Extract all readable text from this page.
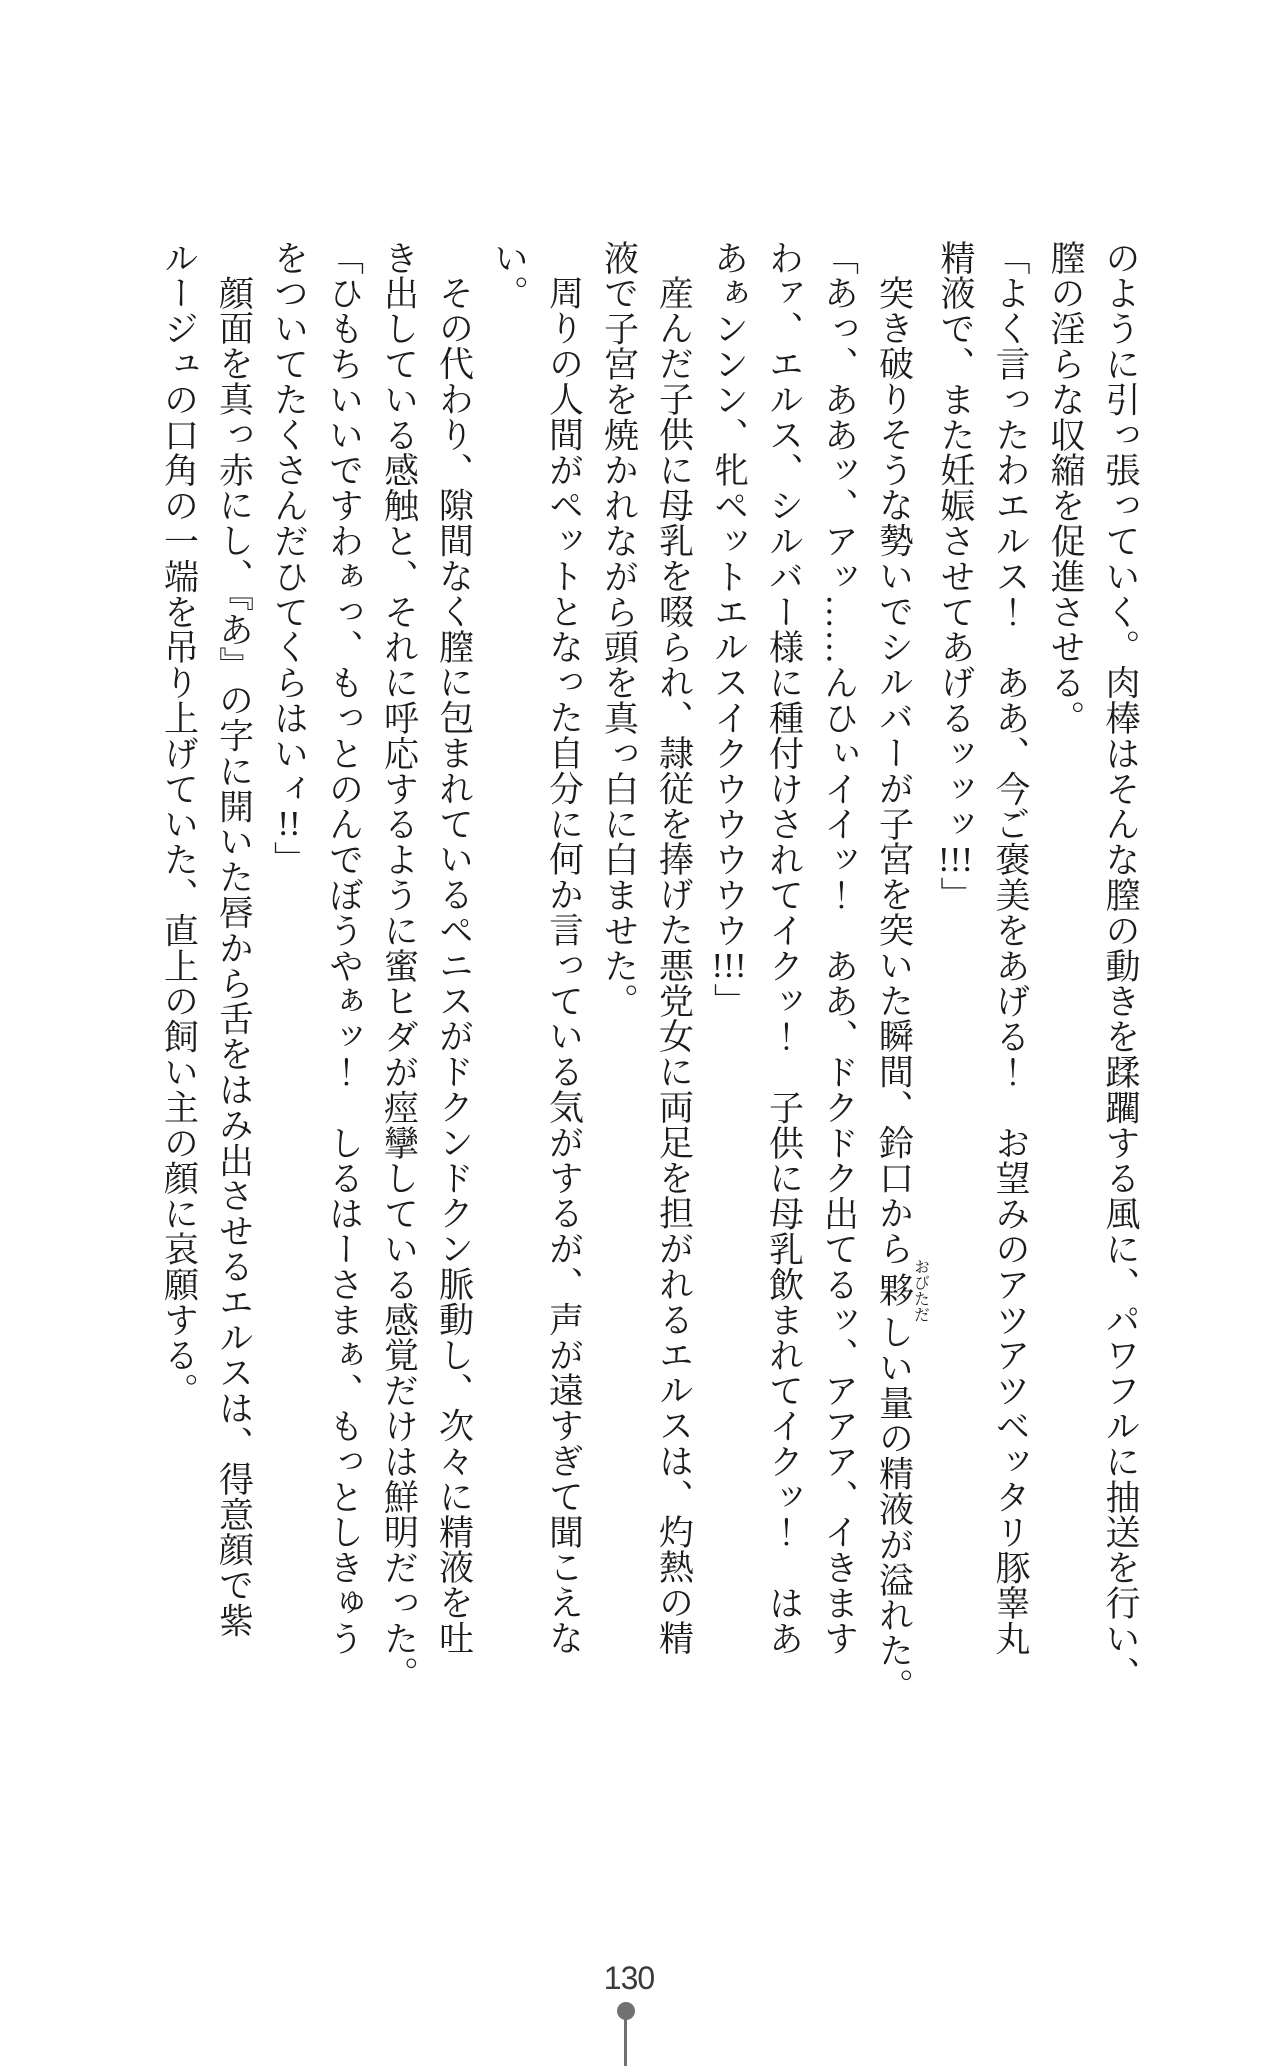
のように引っ張っていく。肉棒はそんな膣の動きを蹂躙する風に、パワフルに抽送を行い、
膣の淫らな収縮を促進させる。
「よく言ったわエルス！　ああ、今ご褒美をあげる！　お望みのアツアツベッタリ豚睾丸
精液で、また妊娠させてあげるッッッ!!!」
突き破りそうな勢いでシルバーが子宮を突いた瞬間、鈴口から夥おびただしい量の精液が溢れた。
「あっ、ああッ、アッ……んひぃイイッ！　ああ、ドクドク出てるッ、アアア、イきます
わァ、エルス、シルバー様に種付けされてイクッ！　子供に母乳飲まれてイクッ！　はあ
あぁンンン、牝ペットエルスイクウウウウウ!!!」
産んだ子供に母乳を啜られ、隷従を捧げた悪党女に両足を担がれるエルスは、灼熱の精
液で子宮を焼かれながら頭を真っ白に白ませた。
周りの人間がペットとなった自分に何か言っている気がするが、声が遠すぎて聞こえな
い。
その代わり、隙間なく膣に包まれているペニスがドクンドクン脈動し、次々に精液を吐
き出している感触と、それに呼応するように蜜ヒダが痙攣している感覚だけは鮮明だった。
「ひもちいいですわぁっ、もっとのんでぼうやぁッ！　しるはーさまぁ、もっとしきゅう
をついてたくさんだひてくらはいィ!!」
顔面を真っ赤にし、『あ』の字に開いた唇から舌をはみ出させるエルスは、得意顔で紫
ルージュの口角の一端を吊り上げていた、直上の飼い主の顔に哀願する。
130
